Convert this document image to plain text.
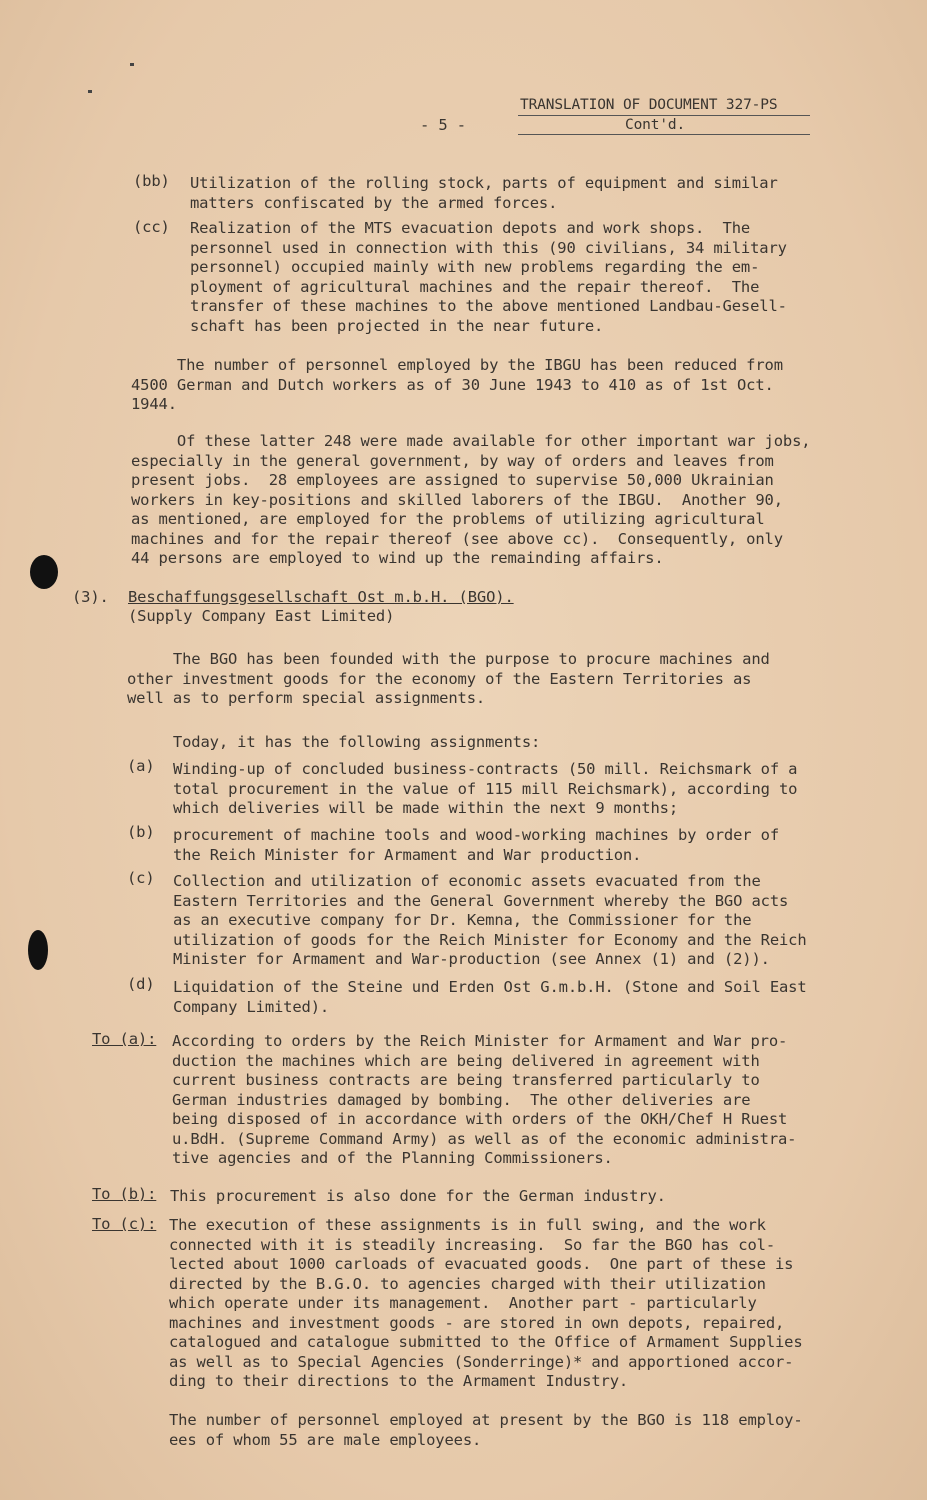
- 5 -
TRANSLATION OF DOCUMENT 327-PS
Cont'd.
(bb) Utilization of the rolling stock, parts of equipment and similar
matters confiscated by the armed forces.
(cc) Realization of the MTS evacuation depots and work shops.  The
personnel used in connection with this (90 civilians, 34 military
personnel) occupied mainly with new problems regarding the em-
ployment of agricultural machines and the repair thereof.  The
transfer of these machines to the above mentioned Landbau-Gesell-
schaft has been projected in the near future.
The number of personnel employed by the IBGU has been reduced from
4500 German and Dutch workers as of 30 June 1943 to 410 as of 1st Oct.
1944.
Of these latter 248 were made available for other important war jobs,
especially in the general government, by way of orders and leaves from
present jobs.  28 employees are assigned to supervise 50,000 Ukrainian
workers in key-positions and skilled laborers of the IBGU.  Another 90,
as mentioned, are employed for the problems of utilizing agricultural
machines and for the repair thereof (see above cc).  Consequently, only
44 persons are employed to wind up the remainding affairs.
(3). Beschaffungsgesellschaft Ost m.b.H. (BGO).
(Supply Company East Limited)
The BGO has been founded with the purpose to procure machines and
other investment goods for the economy of the Eastern Territories as
well as to perform special assignments.
Today, it has the following assignments:
(a) Winding-up of concluded business-contracts (50 mill. Reichsmark of a
total procurement in the value of 115 mill Reichsmark), according to
which deliveries will be made within the next 9 months;
(b) procurement of machine tools and wood-working machines by order of
the Reich Minister for Armament and War production.
(c) Collection and utilization of economic assets evacuated from the
Eastern Territories and the General Government whereby the BGO acts
as an executive company for Dr. Kemna, the Commissioner for the
utilization of goods for the Reich Minister for Economy and the Reich
Minister for Armament and War-production (see Annex (1) and (2)).
(d) Liquidation of the Steine und Erden Ost G.m.b.H. (Stone and Soil East
Company Limited).
To (a): According to orders by the Reich Minister for Armament and War pro-
duction the machines which are being delivered in agreement with
current business contracts are being transferred particularly to
German industries damaged by bombing.  The other deliveries are
being disposed of in accordance with orders of the OKH/Chef H Ruest
u.BdH. (Supreme Command Army) as well as of the economic administra-
tive agencies and of the Planning Commissioners.
To (b): This procurement is also done for the German industry.
To (c): The execution of these assignments is in full swing, and the work
connected with it is steadily increasing.  So far the BGO has col-
lected about 1000 carloads of evacuated goods.  One part of these is
directed by the B.G.O. to agencies charged with their utilization
which operate under its management.  Another part - particularly
machines and investment goods - are stored in own depots, repaired,
catalogued and catalogue submitted to the Office of Armament Supplies
as well as to Special Agencies (Sonderringe)* and apportioned accor-
ding to their directions to the Armament Industry.
The number of personnel employed at present by the BGO is 118 employ-
ees of whom 55 are male employees.
